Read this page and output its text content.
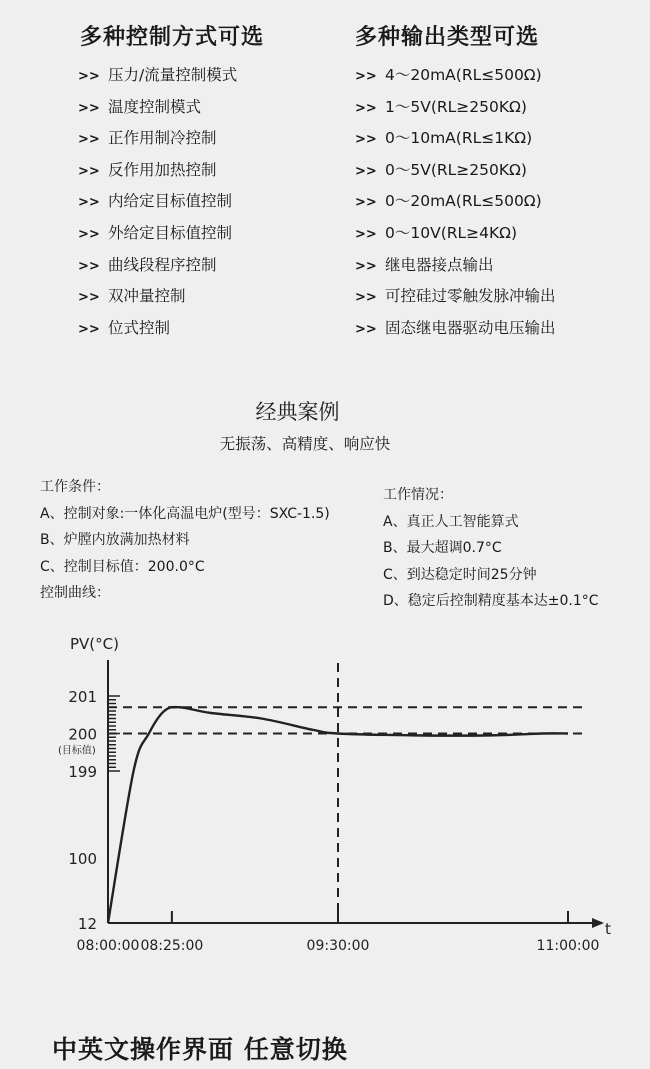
多种控制方式可选
>> 压力/流量控制模式
>> 温度控制模式
>> 正作用制冷控制
>> 反作用加热控制
>> 内给定目标值控制
>> 外给定目标值控制
>> 曲线段程序控制
>> 双冲量控制
>> 位式控制
多种输出类型可选
>> 4～20mA(RL≤500Ω)
>> 1～5V(RL≥250KΩ)
>> 0～10mA(RL≤1KΩ)
>> 0～5V(RL≥250KΩ)
>> 0～20mA(RL≤500Ω)
>> 0～10V(RL≥4KΩ)
>> 继电器接点输出
>> 可控硅过零触发脉冲输出
>> 固态继电器驱动电压输出
经典案例
无振荡、高精度、响应快
工作条件：
A、控制对象:一体化高温电炉(型号：SXC-1.5)
B、炉膛内放满加热材料
C、控制目标值：200.0°C
控制曲线：
工作情况：
A、真正人工智能算式
B、最大超调0.7°C
C、到达稳定时间25分钟
D、稳定后控制精度基本达±0.1°C
PV(°C)
t
12
100
199
200
201
(目标值)
08:00:00 08:25:00	09:30:00	11:00:00
中英文操作界面 任意切换
